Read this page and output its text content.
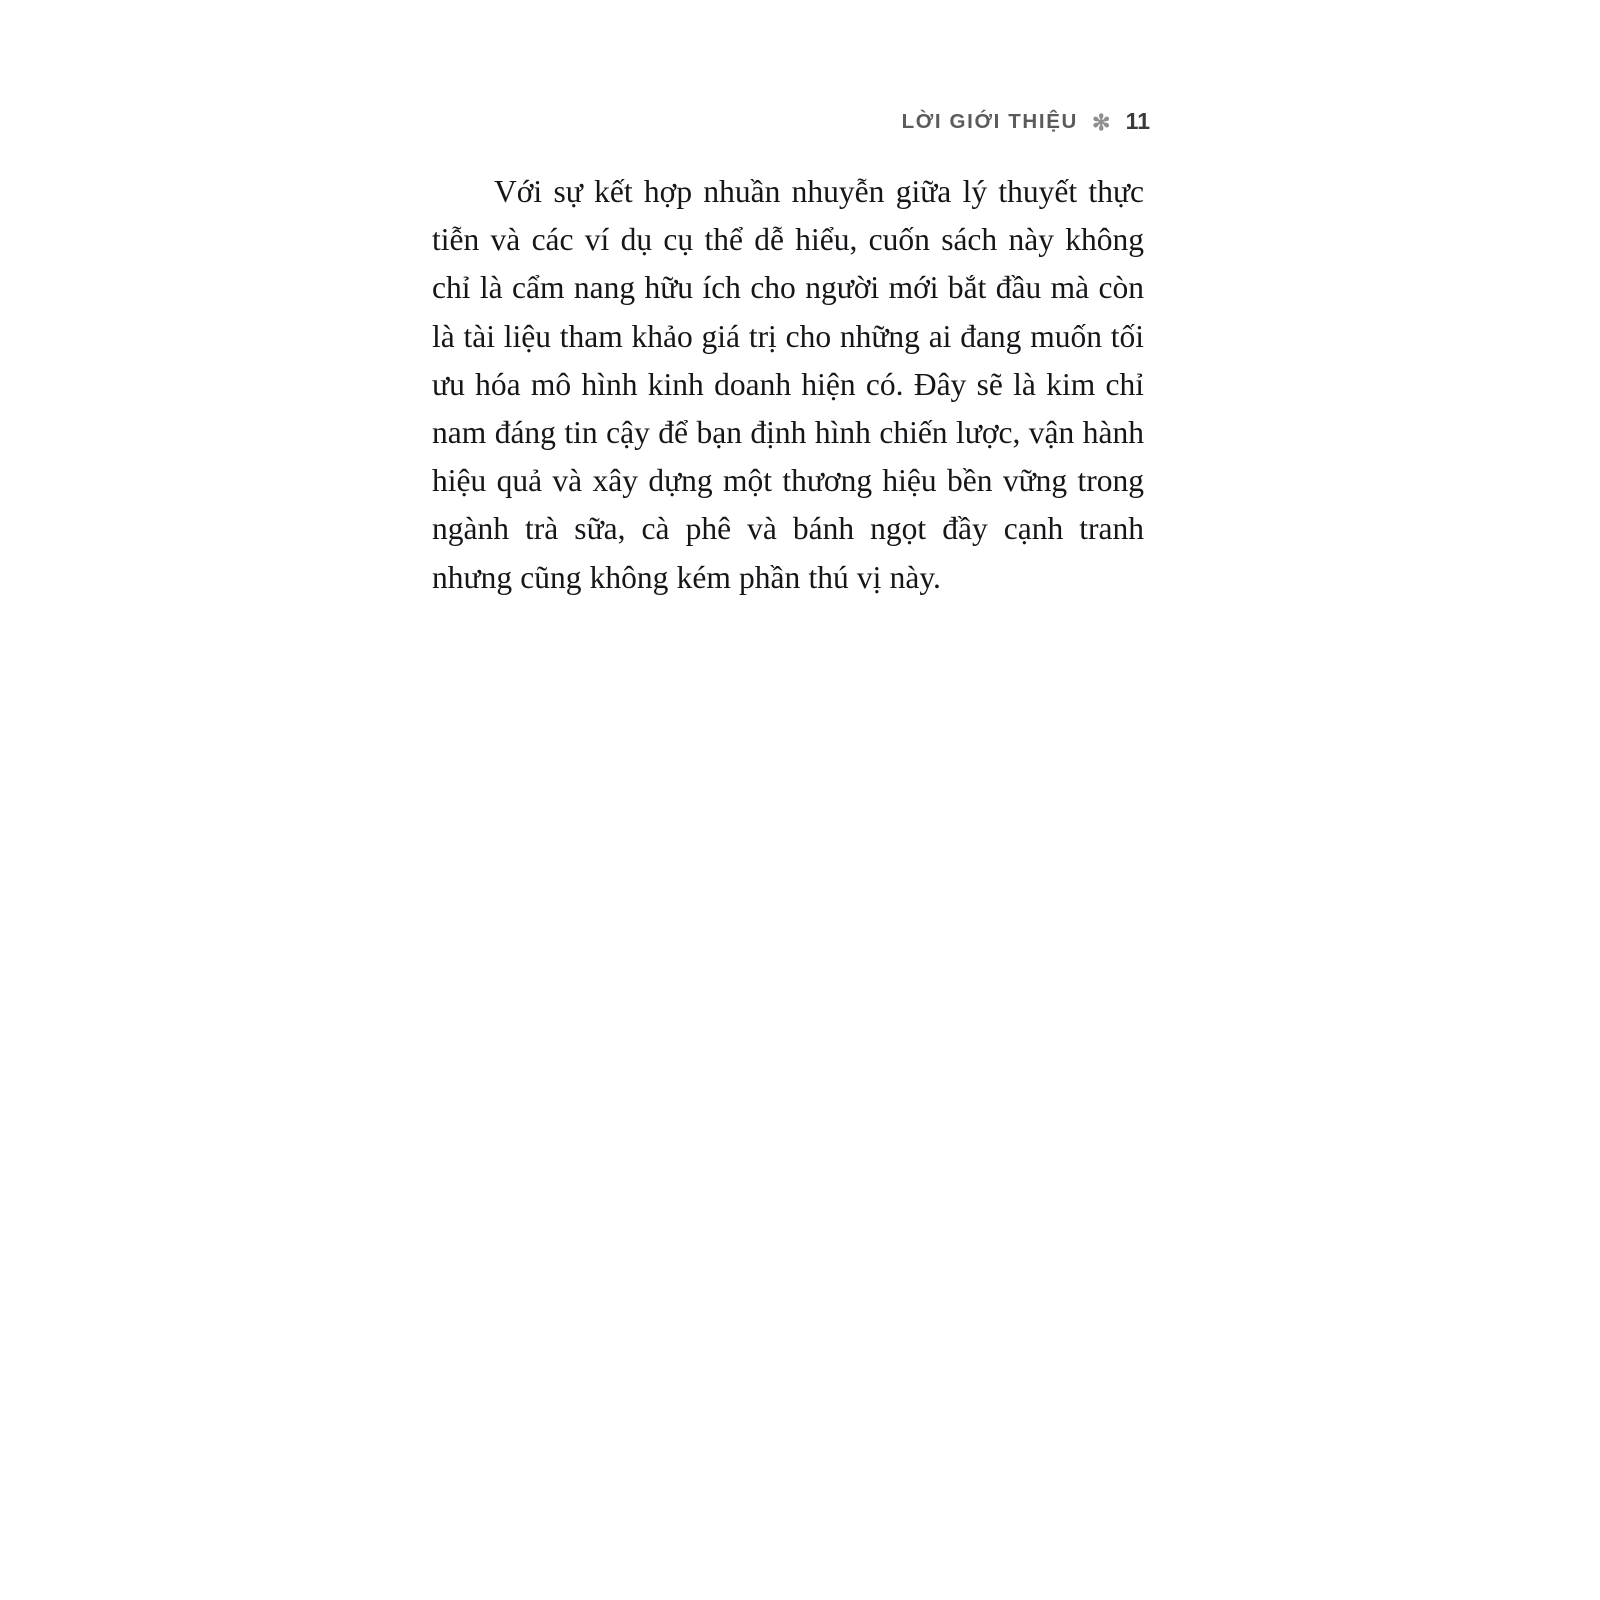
LỜI GIỚI THIỆU ✻ 11

Với sự kết hợp nhuần nhuyễn giữa lý thuyết thực tiễn và các ví dụ cụ thể dễ hiểu, cuốn sách này không chỉ là cẩm nang hữu ích cho người mới bắt đầu mà còn là tài liệu tham khảo giá trị cho những ai đang muốn tối ưu hóa mô hình kinh doanh hiện có. Đây sẽ là kim chỉ nam đáng tin cậy để bạn định hình chiến lược, vận hành hiệu quả và xây dựng một thương hiệu bền vững trong ngành trà sữa, cà phê và bánh ngọt đầy cạnh tranh nhưng cũng không kém phần thú vị này.
